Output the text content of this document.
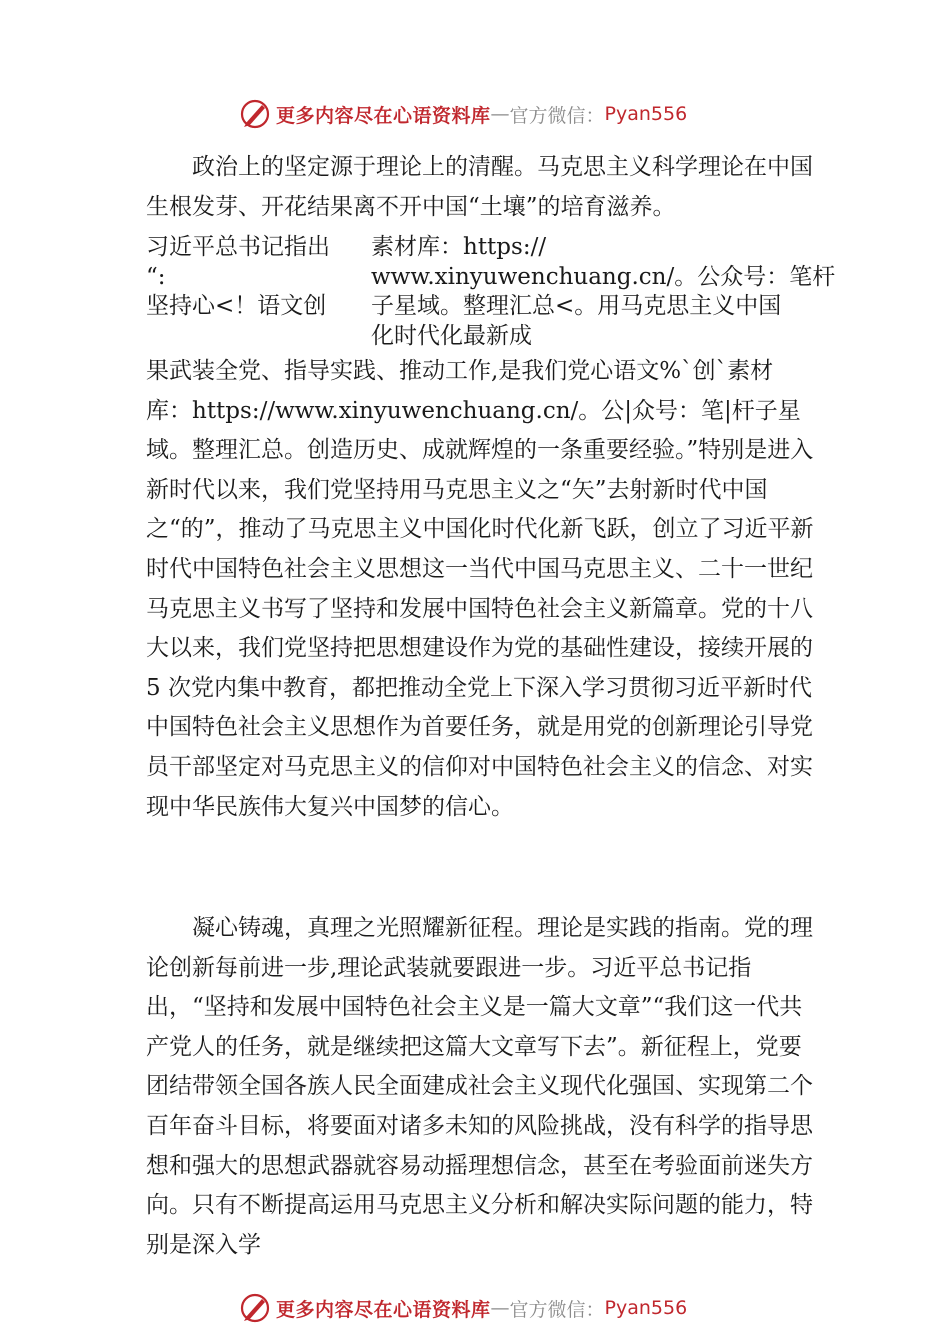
更多内容尽在心语资料库 — 官方微信： Pyan556

政治上的坚定源于理论上的清醒。马克思主义科学理论在中国生根发芽、开花结果离不开中国“土壤”的培育滋养。

习近平总书记指出
“:
坚持心<！语文创
素材库：https://
www.xinyuwenchuang.cn/。公众号：笔杆
子星域。整理汇总<。用马克思主义中国
化时代化最新成

果武装全党、指导实践、推动工作,是我们党心语文%`创`素材库：https://www.xinyuwenchuang.cn/。公|众号：笔|杆子星域。整理汇总。创造历史、成就辉煌的一条重要经验。”特别是进入新时代以来，我们党坚持用马克思主义之“矢”去射新时代中国之“的”，推动了马克思主义中国化时代化新飞跃，创立了习近平新时代中国特色社会主义思想这一当代中国马克思主义、二十一世纪马克思主义书写了坚持和发展中国特色社会主义新篇章。党的十八大以来，我们党坚持把思想建设作为党的基础性建设，接续开展的 5 次党内集中教育，都把推动全党上下深入学习贯彻习近平新时代中国特色社会主义思想作为首要任务，就是用党的创新理论引导党员干部坚定对马克思主义的信仰对中国特色社会主义的信念、对实现中华民族伟大复兴中国梦的信心。

凝心铸魂，真理之光照耀新征程。理论是实践的指南。党的理论创新每前进一步,理论武装就要跟进一步。习近平总书记指出，“坚持和发展中国特色社会主义是一篇大文章”“我们这一代共产党人的任务，就是继续把这篇大文章写下去”。新征程上，党要团结带领全国各族人民全面建成社会主义现代化强国、实现第二个百年奋斗目标，将要面对诸多未知的风险挑战，没有科学的指导思想和强大的思想武器就容易动摇理想信念，甚至在考验面前迷失方向。只有不断提高运用马克思主义分析和解决实际问题的能力，特别是深入学

更多内容尽在心语资料库 — 官方微信： Pyan556
